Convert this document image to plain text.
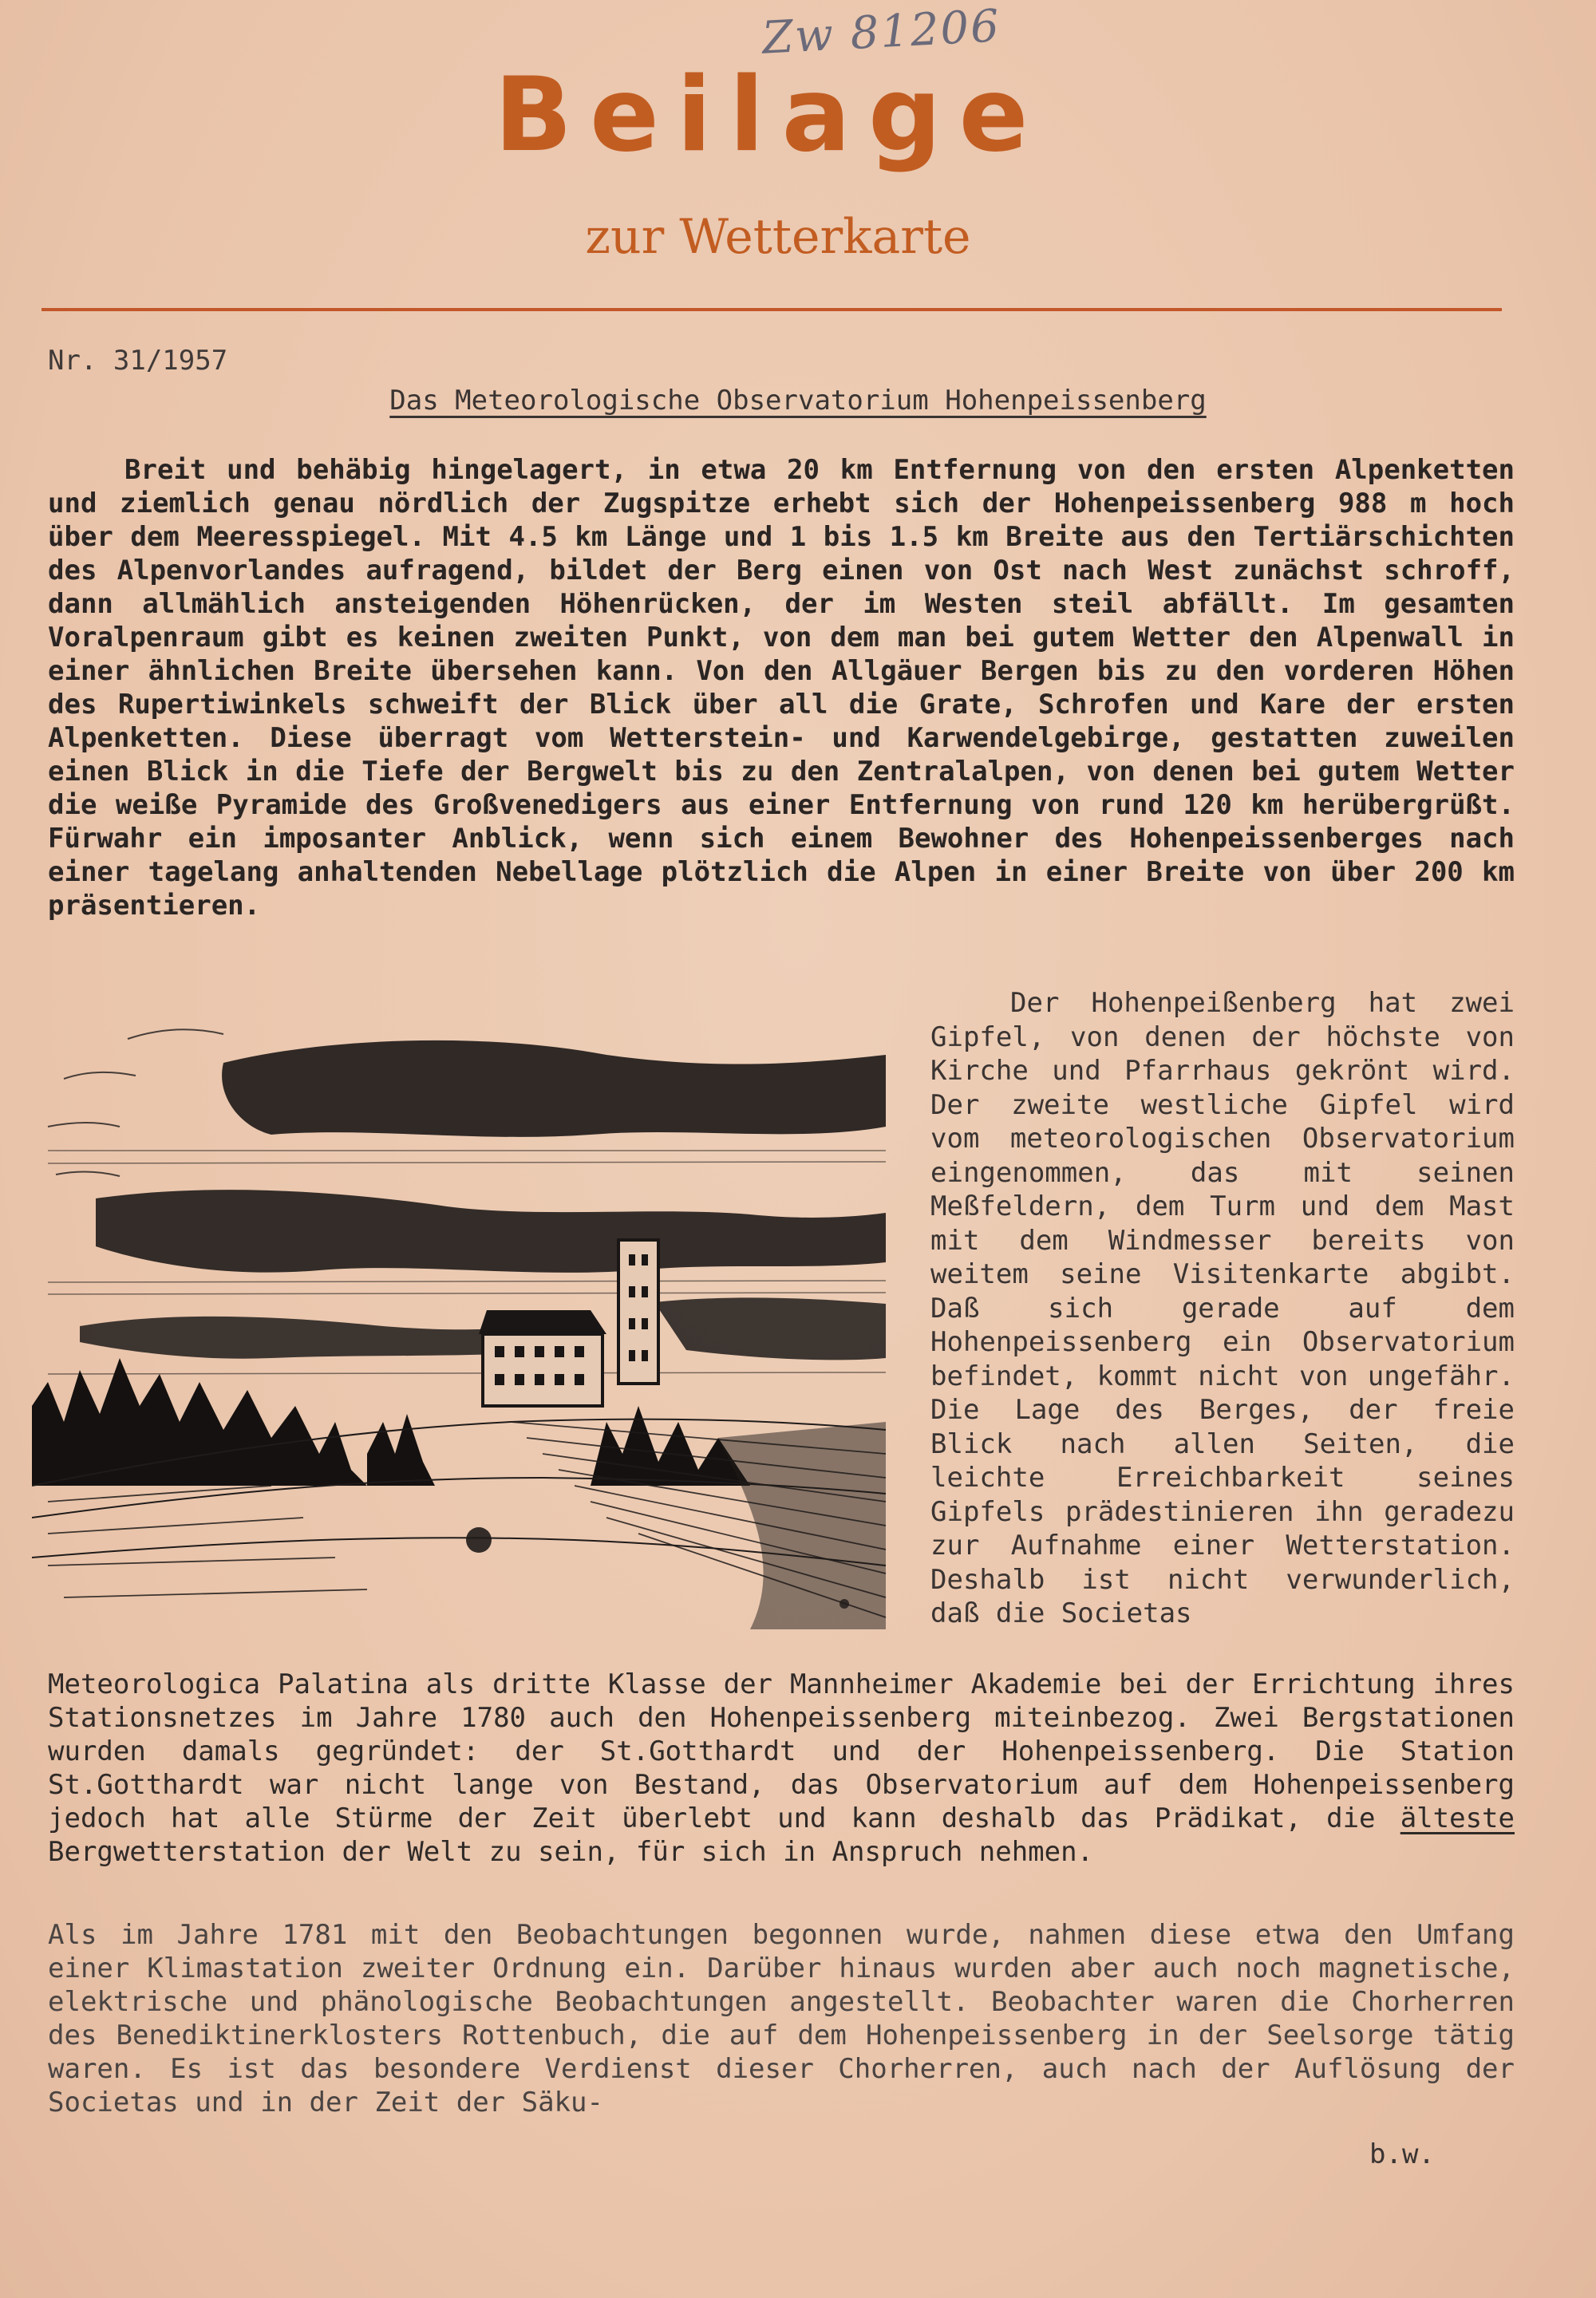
Zw 81206
Beilage
zur Wetterkarte
Nr. 31/1957
Das Meteorologische Observatorium Hohenpeissenberg

Breit und behäbig hingelagert, in etwa 20 km Entfernung von den ersten Alpenketten und ziemlich genau nördlich der Zugspitze erhebt sich der Hohenpeissenberg 988 m hoch über dem Meeresspiegel. Mit 4.5 km Länge und 1 bis 1.5 km Breite aus den Tertiärschichten des Alpenvorlandes aufragend, bildet der Berg einen von Ost nach West zunächst schroff, dann allmählich ansteigenden Höhenrücken, der im Westen steil abfällt. Im gesamten Voralpenraum gibt es keinen zweiten Punkt, von dem man bei gutem Wetter den Alpenwall in einer ähnlichen Breite übersehen kann. Von den Allgäuer Bergen bis zu den vorderen Höhen des Rupertiwinkels schweift der Blick über all die Grate, Schrofen und Kare der ersten Alpenketten. Diese überragt vom Wetterstein- und Karwendelgebirge, gestatten zuweilen einen Blick in die Tiefe der Bergwelt bis zu den Zentralalpen, von denen bei gutem Wetter die weiße Pyramide des Großvenedigers aus einer Entfernung von rund 120 km herübergrüßt. Fürwahr ein imposanter Anblick, wenn sich einem Bewohner des Hohenpeissenberges nach einer tagelang anhaltenden Nebellage plötzlich die Alpen in einer Breite von über 200 km präsentieren.

Der Hohenpeißenberg hat zwei Gipfel, von denen der höchste von Kirche und Pfarrhaus gekrönt wird. Der zweite westliche Gipfel wird vom meteorologischen Observatorium eingenommen, das mit seinen Meßfeldern, dem Turm und dem Mast mit dem Windmesser bereits von weitem seine Visitenkarte abgibt. Daß sich gerade auf dem Hohenpeissenberg ein Observatorium befindet, kommt nicht von ungefähr. Die Lage des Berges, der freie Blick nach allen Seiten, die leichte Erreichbarkeit seines Gipfels prädestinieren ihn geradezu zur Aufnahme einer Wetterstation. Deshalb ist nicht verwunderlich, daß die Societas

Meteorologica Palatina als dritte Klasse der Mannheimer Akademie bei der Errichtung ihres Stationsnetzes im Jahre 1780 auch den Hohenpeissenberg miteinbezog. Zwei Bergstationen wurden damals gegründet: der St.Gotthardt und der Hohenpeissenberg. Die Station St.Gotthardt war nicht lange von Bestand, das Observatorium auf dem Hohenpeissenberg jedoch hat alle Stürme der Zeit überlebt und kann deshalb das Prädikat, die älteste Bergwetterstation der Welt zu sein, für sich in Anspruch nehmen.

Als im Jahre 1781 mit den Beobachtungen begonnen wurde, nahmen diese etwa den Umfang einer Klimastation zweiter Ordnung ein. Darüber hinaus wurden aber auch noch magnetische, elektrische und phänologische Beobachtungen angestellt. Beobachter waren die Chorherren des Benediktinerklosters Rottenbuch, die auf dem Hohenpeissenberg in der Seelsorge tätig waren. Es ist das besondere Verdienst dieser Chorherren, auch nach der Auflösung der Societas und in der Zeit der Säku-

b.w.
